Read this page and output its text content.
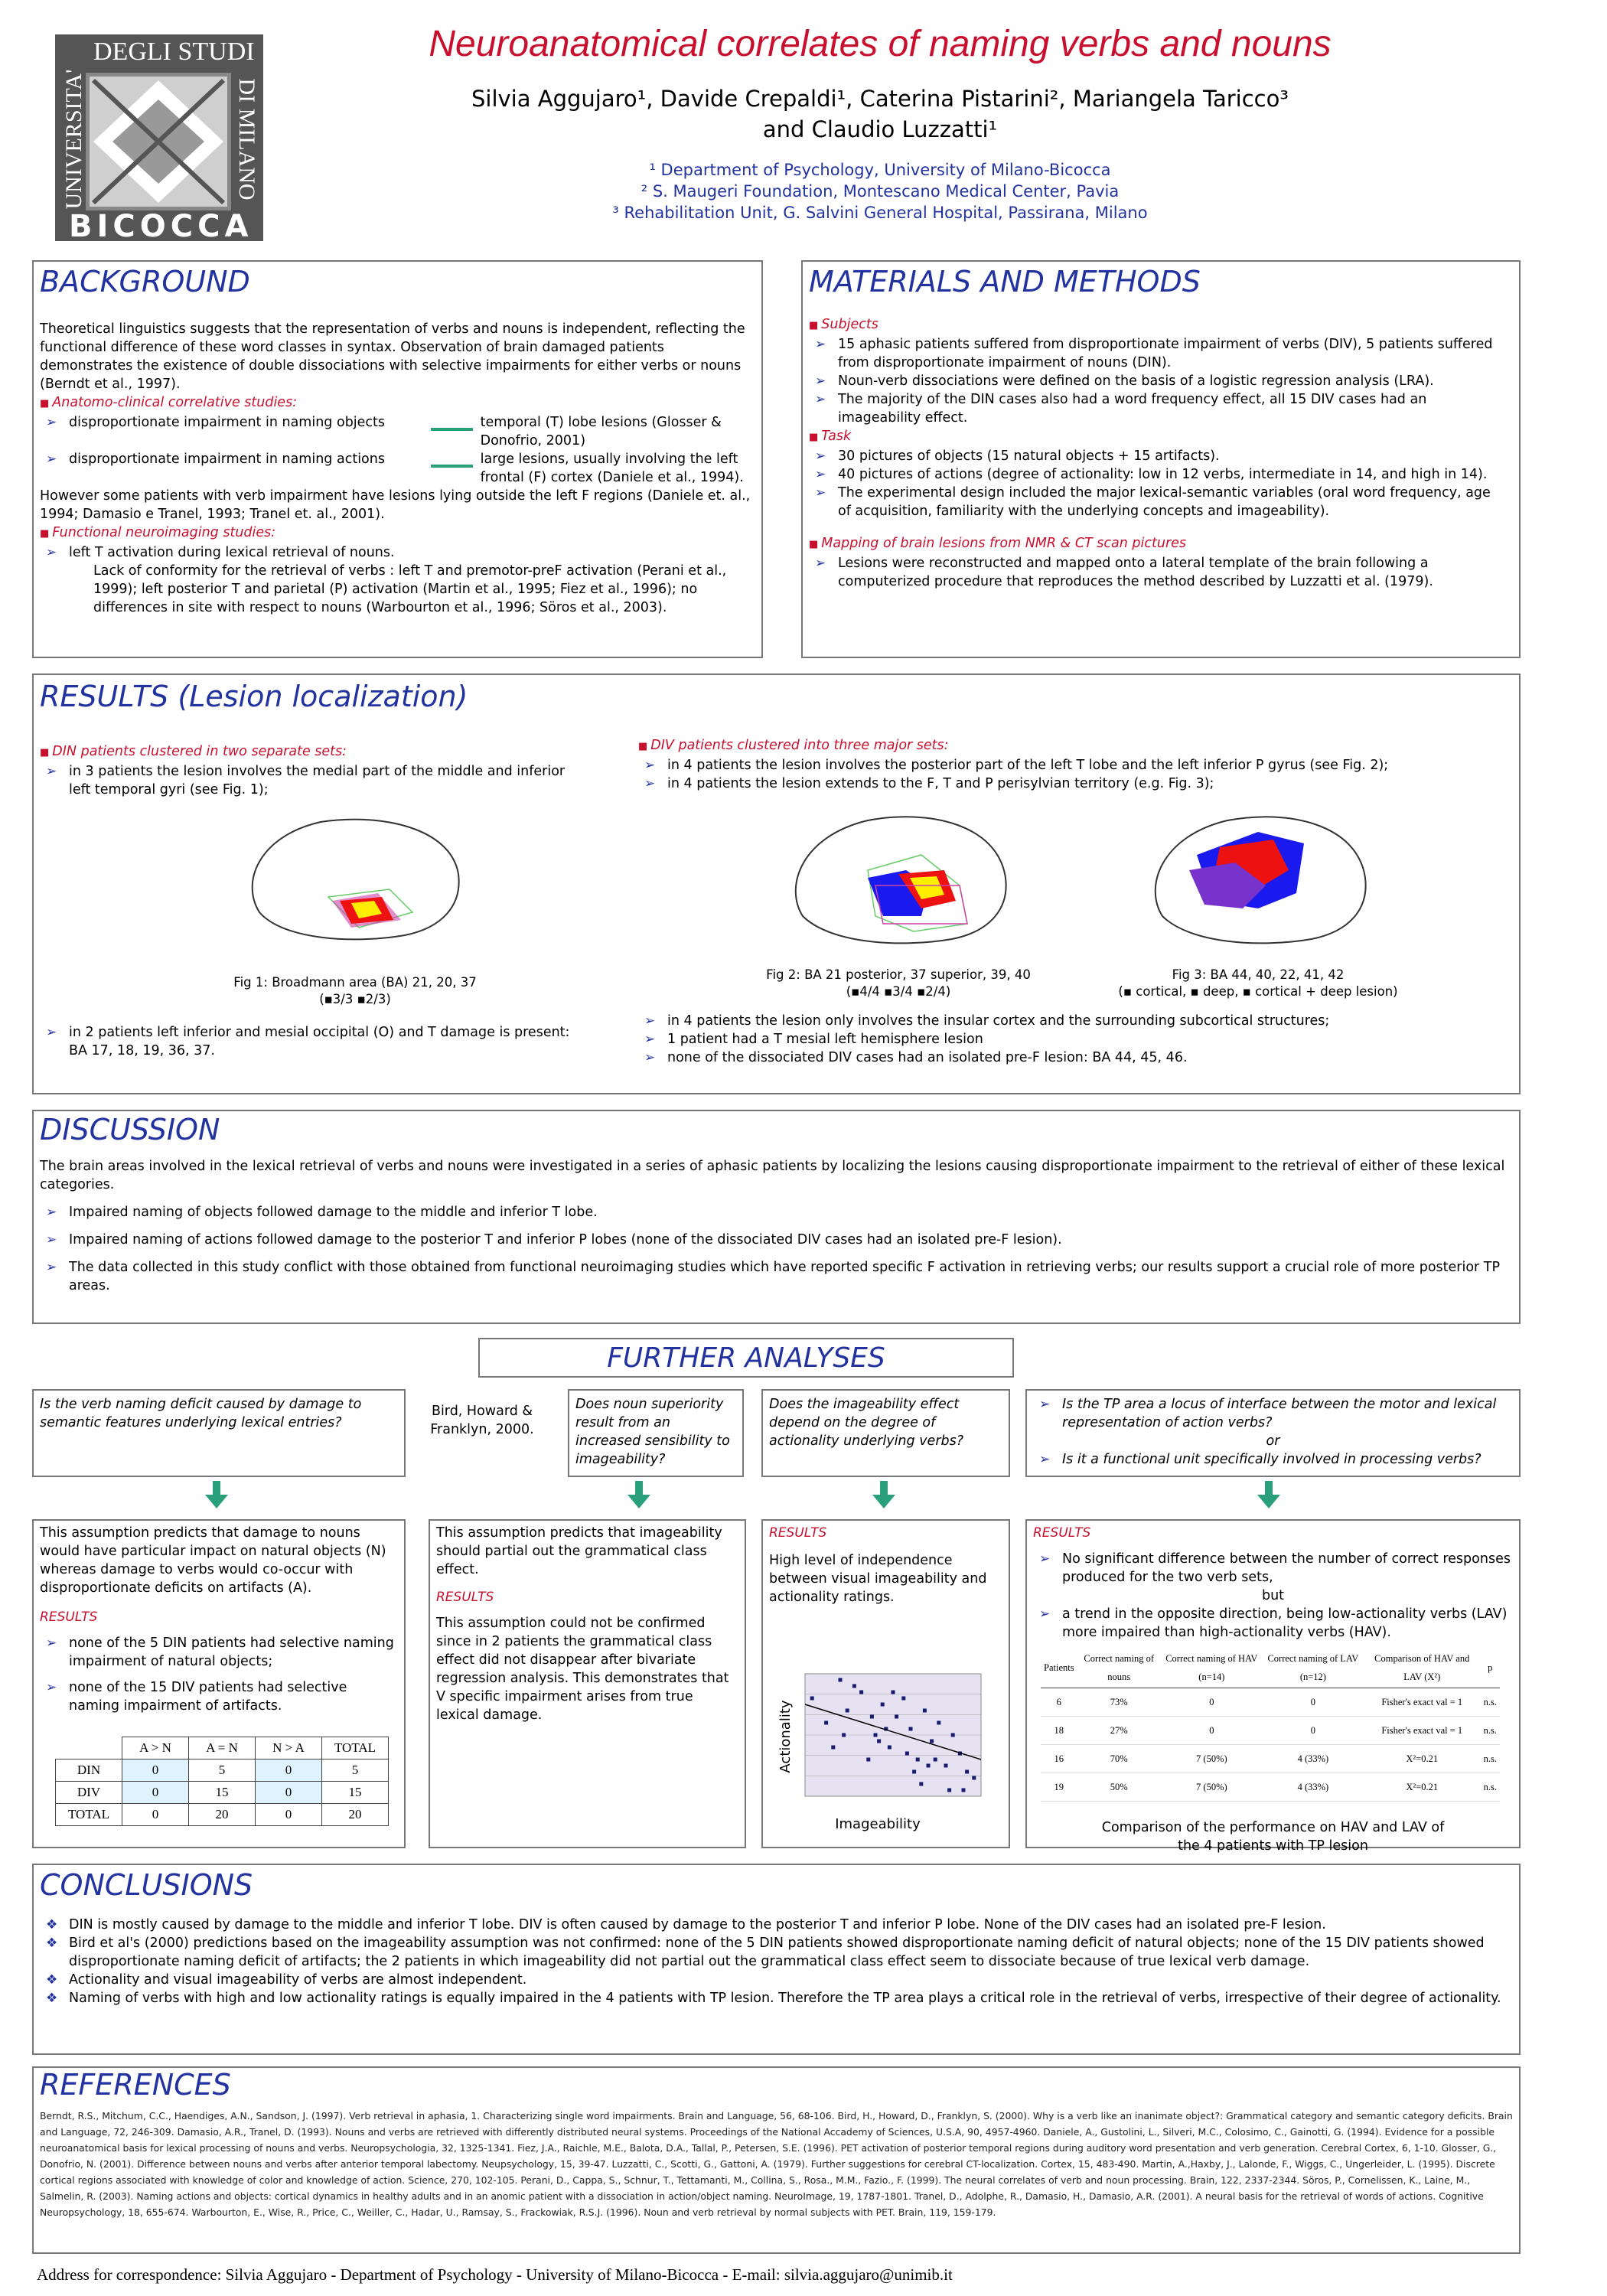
DEGLI STUDI
UNIVERSITA'	DI MILANO
BICOCCA
Neuroanatomical correlates of naming verbs and nouns
Silvia Aggujaro¹, Davide Crepaldi¹, Caterina Pistarini², Mariangela Taricco³
and Claudio Luzzatti¹
¹ Department of Psychology, University of Milano-Bicocca
² S. Maugeri Foundation, Montescano Medical Center, Pavia
³ Rehabilitation Unit, G. Salvini General Hospital, Passirana, Milano
BACKGROUND
Theoretical linguistics suggests that the representation of verbs and nouns is independent, reflecting the functional difference of these word classes in syntax. Observation of brain damaged patients demonstrates the existence of double dissociations with selective impairments for either verbs or nouns (Berndt et al., 1997).
■ Anatomo-clinical correlative studies:
➢ disproportionate impairment in naming objects	temporal (T) lobe lesions (Glosser & Donofrio, 2001)
➢ disproportionate impairment in naming actions	large lesions, usually involving the left frontal (F) cortex (Daniele et al., 1994).
However some patients with verb impairment have lesions lying outside the left F regions (Daniele et. al., 1994; Damasio e Tranel, 1993; Tranel et. al., 2001).
■ Functional neuroimaging studies:
➢ left T activation during lexical retrieval of nouns.
Lack of conformity for the retrieval of verbs : left T and premotor-preF activation (Perani et al., 1999); left posterior T and parietal (P) activation (Martin et al., 1995; Fiez et al., 1996); no differences in site with respect to nouns (Warbourton et al., 1996; Söros et al., 2003).
MATERIALS AND METHODS
■ Subjects
➢ 15 aphasic patients suffered from disproportionate impairment of verbs (DIV), 5 patients suffered from disproportionate impairment of nouns (DIN).
➢ Noun-verb dissociations were defined on the basis of a logistic regression analysis (LRA).
➢ The majority of the DIN cases also had a word frequency effect, all 15 DIV cases had an imageability effect.
■ Task
➢ 30 pictures of objects (15 natural objects + 15 artifacts).
➢ 40 pictures of actions (degree of actionality: low in 12 verbs, intermediate in 14, and high in 14).
➢ The experimental design included the major lexical-semantic variables (oral word frequency, age of acquisition, familiarity with the underlying concepts and imageability).
■ Mapping of brain lesions from NMR & CT scan pictures
➢ Lesions were reconstructed and mapped onto a lateral template of the brain following a computerized procedure that reproduces the method described by Luzzatti et al. (1979).
RESULTS (Lesion localization)
■ DIN patients clustered in two separate sets:
➢ in 3 patients the lesion involves the medial part of the middle and inferior left temporal gyri (see Fig. 1);
Fig 1: Broadmann area (BA) 21, 20, 37
(▪3/3 ▪2/3)
➢ in 2 patients left inferior and mesial occipital (O) and T damage is present: BA 17, 18, 19, 36, 37.
■ DIV patients clustered into three major sets:
➢ in 4 patients the lesion involves the posterior part of the left T lobe and the left inferior P gyrus (see Fig. 2);
➢ in 4 patients the lesion extends to the F, T and P perisylvian territory (e.g. Fig. 3);
Fig 2: BA 21 posterior, 37 superior, 39, 40
(▪4/4 ▪3/4 ▪2/4)
Fig 3: BA 44, 40, 22, 41, 42
(▪ cortical, ▪ deep, ▪ cortical + deep lesion)
➢ in 4 patients the lesion only involves the insular cortex and the surrounding subcortical structures;
➢ 1 patient had a T mesial left hemisphere lesion
➢ none of the dissociated DIV cases had an isolated pre-F lesion: BA 44, 45, 46.
DISCUSSION
The brain areas involved in the lexical retrieval of verbs and nouns were investigated in a series of aphasic patients by localizing the lesions causing disproportionate impairment to the retrieval of either of these lexical categories.
➢ Impaired naming of objects followed damage to the middle and inferior T lobe.
➢ Impaired naming of actions followed damage to the posterior T and inferior P lobes (none of the dissociated DIV cases had an isolated pre-F lesion).
➢ The data collected in this study conflict with those obtained from functional neuroimaging studies which have reported specific F activation in retrieving verbs; our results support a crucial role of more posterior TP areas.
FURTHER ANALYSES
Is the verb naming deficit caused by damage to semantic features underlying lexical entries?
Bird, Howard & Franklyn, 2000.
Does noun superiority result from an increased sensibility to imageability?
Does the imageability effect depend on the degree of actionality underlying verbs?
➢ Is the TP area a locus of interface between the motor and lexical representation of action verbs?
or
➢ Is it a functional unit specifically involved in processing verbs?
This assumption predicts that damage to nouns would have particular impact on natural objects (N) whereas damage to verbs would co-occur with disproportionate deficits on artifacts (A).
RESULTS
➢ none of the 5 DIN patients had selective naming impairment of natural objects;
➢ none of the 15 DIV patients had selective naming impairment of artifacts.
	A > N	A = N	N > A	TOTAL
DIN	0	5	0	5
DIV	0	15	0	15
TOTAL	0	20	0	20
This assumption predicts that imageability should partial out the grammatical class effect.
RESULTS
This assumption could not be confirmed since in 2 patients the grammatical class effect did not disappear after bivariate regression analysis. This demonstrates that V specific impairment arises from true lexical damage.
RESULTS
High level of independence between visual imageability and actionality ratings.
Actionality
Imageability
RESULTS
➢ No significant difference between the number of correct responses produced for the two verb sets,
but
➢ a trend in the opposite direction, being low-actionality verbs (LAV) more impaired than high-actionality verbs (HAV).
Patients	Correct naming of nouns	Correct naming of HAV (n=14)	Correct naming of LAV (n=12)	Comparison of HAV and LAV (X²)	p
6	73%	0	0	Fisher's exact val = 1	n.s.
18	27%	0	0	Fisher's exact val = 1	n.s.
16	70%	7 (50%)	4 (33%)	X²=0.21	n.s.
19	50%	7 (50%)	4 (33%)	X²=0.21	n.s.
Comparison of the performance on HAV and LAV of the 4 patients with TP lesion
CONCLUSIONS
❖ DIN is mostly caused by damage to the middle and inferior T lobe. DIV is often caused by damage to the posterior T and inferior P lobe. None of the DIV cases had an isolated pre-F lesion.
❖ Bird et al's (2000) predictions based on the imageability assumption was not confirmed: none of the 5 DIN patients showed disproportionate naming deficit of natural objects; none of the 15 DIV patients showed disproportionate naming deficit of artifacts; the 2 patients in which imageability did not partial out the grammatical class effect seem to dissociate because of true lexical verb damage.
❖ Actionality and visual imageability of verbs are almost independent.
❖ Naming of verbs with high and low actionality ratings is equally impaired in the 4 patients with TP lesion. Therefore the TP area plays a critical role in the retrieval of verbs, irrespective of their degree of actionality.
REFERENCES
Berndt, R.S., Mitchum, C.C., Haendiges, A.N., Sandson, J. (1997). Verb retrieval in aphasia, 1. Characterizing single word impairments. Brain and Language, 56, 68-106. Bird, H., Howard, D., Franklyn, S. (2000). Why is a verb like an inanimate object?: Grammatical category and semantic category deficits. Brain and Language, 72, 246-309. Damasio, A.R., Tranel, D. (1993). Nouns and verbs are retrieved with differently distributed neural systems. Proceedings of the National Accademy of Sciences, U.S.A, 90, 4957-4960. Daniele, A., Gustolini, L., Silveri, M.C., Colosimo, C., Gainotti, G. (1994). Evidence for a possible neuroanatomical basis for lexical processing of nouns and verbs. Neuropsychologia, 32, 1325-1341. Fiez, J.A., Raichle, M.E., Balota, D.A., Tallal, P., Petersen, S.E. (1996). PET activation of posterior temporal regions during auditory word presentation and verb generation. Cerebral Cortex, 6, 1-10. Glosser, G., Donofrio, N. (2001). Difference between nouns and verbs after anterior temporal labectomy. Neupsychology, 15, 39-47. Luzzatti, C., Scotti, G., Gattoni, A. (1979). Further suggestions for cerebral CT-localization. Cortex, 15, 483-490. Martin, A.,Haxby, J., Lalonde, F., Wiggs, C., Ungerleider, L. (1995). Discrete cortical regions associated with knowledge of color and knowledge of action. Science, 270, 102-105. Perani, D., Cappa, S., Schnur, T., Tettamanti, M., Collina, S., Rosa., M.M., Fazio., F. (1999). The neural correlates of verb and noun processing. Brain, 122, 2337-2344. Söros, P., Cornelissen, K., Laine, M., Salmelin, R. (2003). Naming actions and objects: cortical dynamics in healthy adults and in an anomic patient with a dissociation in action/object naming. NeuroImage, 19, 1787-1801. Tranel, D., Adolphe, R., Damasio, H., Damasio, A.R. (2001). A neural basis for the retrieval of words of actions. Cognitive Neuropsychology, 18, 655-674. Warbourton, E., Wise, R., Price, C., Weiller, C., Hadar, U., Ramsay, S., Frackowiak, R.S.J. (1996). Noun and verb retrieval by normal subjects with PET. Brain, 119, 159-179.
Address for correspondence: Silvia Aggujaro - Department of Psychology - University of Milano-Bicocca - E-mail: silvia.aggujaro@unimib.it
